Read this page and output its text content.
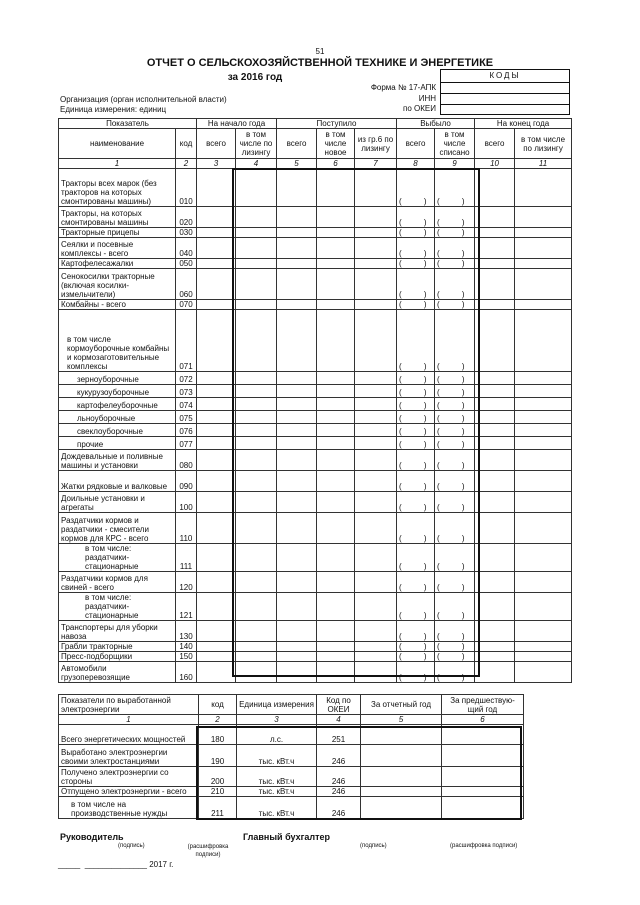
51
ОТЧЕТ О СЕЛЬСКОХОЗЯЙСТВЕННОЙ ТЕХНИКЕ И ЭНЕРГЕТИКЕ
за 2016 год	КОДЫ
Форма № 17-АПК
ИНН
по ОКЕИ
Организация (орган исполнительной власти)
Единица измерения: единиц
Показатель		На начало года		Поступило			Выбыло		На конец года	
наименование	код	всего	в том числе по лизингу	всего	в том числе новое	из гр.6 по лизингу	всего	в том числе списано	всего	в том числе по лизингу
1	2	3	4	5	6	7	8	9	10	11
Тракторы всех марок (без тракторов на которых смонтированы машины)	010						(          )	(          )		
Тракторы, на которых смонтированы машины	020						(          )	(          )		
Тракторные прицепы	030						(          )	(          )		
Сеялки и посевные комплексы - всего	040						(          )	(          )		
Картофелесажалки	050						(          )	(          )		
Сенокосилки тракторные (включая косилки-измельчители)	060						(          )	(          )		
Комбайны - всего	070						(          )	(          )		
в том числе кормоуборочные комбайны и кормозаготовительные комплексы	071						(          )	(          )		
зерноуборочные	072						(          )	(          )		
кукурузоуборочные	073						(          )	(          )		
картофелеуборочные	074						(          )	(          )		
льноуборочные	075						(          )	(          )		
свеклоуборочные	076						(          )	(          )		
прочие	077						(          )	(          )		
Дождевальные и поливные машины и установки	080						(          )	(          )		
Жатки рядковые и валковые	090						(          )	(          )		
Доильные установки и агрегаты	100						(          )	(          )		
Раздатчики кормов и раздатчики - смесители кормов для КРС - всего	110						(          )	(          )		
в том числе: раздатчики-стационарные	111						(          )	(          )		
Раздатчики кормов для свиней - всего	120						(          )	(          )		
в том числе: раздатчики-стационарные	121						(          )	(          )		
Транспортеры для уборки навоза	130						(          )	(          )		
Грабли тракторные	140						(          )	(          )		
Пресс-подборщики	150						(          )	(          )		
Автомобили грузоперевозящие	160						(          )	(          )		
Показатели по выработанной электроэнергии	код	Единица измерения	Код по ОКЕИ	За отчетный год	За предшествую-щий год
1	2	3	4	5	6
Всего энергетических мощностей	180	л.с.	251		
Выработано электроэнергии своими электростанциями	190	тыс. кВт.ч	246		
Получено электроэнергии со стороны	200	тыс. кВт.ч	246		
Отпущено электроэнергии - всего	210	тыс. кВт.ч	246		
в том числе на производственные нужды	211	тыс. кВт.ч	246		
Руководитель	Главный бухгалтер
(подпись)	(расшифровка подписи)
(подпись)	(расшифровка подписи)
_____  ______________ 2017 г.
